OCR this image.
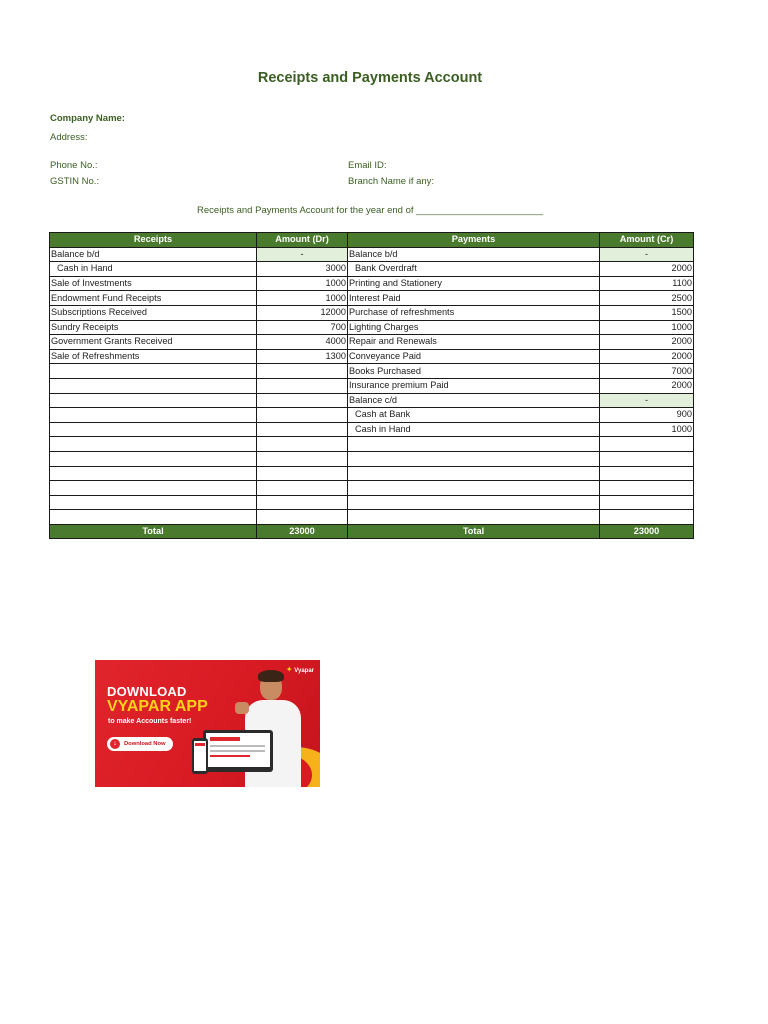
Receipts and Payments Account
Company Name:
Address:
Phone No.:
GSTIN No.:
Email ID:
Branch Name if any:
Receipts and Payments Account for the year end of ________________________
Receipts	Amount (Dr)	Payments	Amount (Cr)
Balance b/d	-	Balance b/d	-
Cash in Hand	3000	Bank Overdraft	2000
Sale of Investments	1000	Printing and Stationery	1100
Endowment Fund Receipts	1000	Interest Paid	2500
Subscriptions Received	12000	Purchase of refreshments	1500
Sundry Receipts	700	Lighting Charges	1000
Government Grants Received	4000	Repair and Renewals	2000
Sale of Refreshments	1300	Conveyance Paid	2000
		Books Purchased	7000
		Insurance premium Paid	2000
		Balance c/d	-
		Cash at Bank	900
		Cash in Hand	1000

Total	23000	Total	23000
✦ Vyapar
DOWNLOAD
VYAPAR APP
to make Accounts faster!
↓	Download Now
